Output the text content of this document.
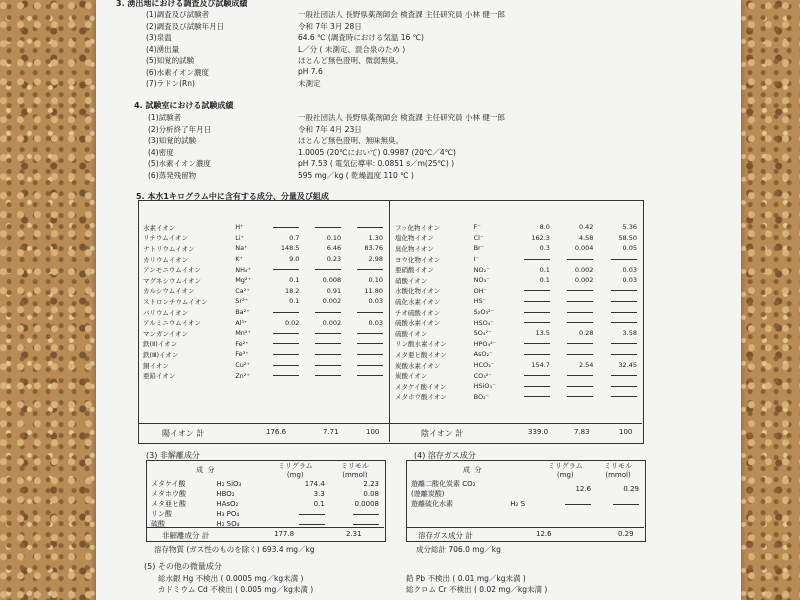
3. 湧出地における調査及び試験成績
(1)調査及び試験者	一般社団法人 長野県薬剤師会 検査課 主任研究員 小林 健一郎
(2)調査及び試験年月日	令和 7年 3月 28日
(3)泉温	64.6 ℃ (調査時における気温 16 ℃)
(4)湧出量	L／分 ( 未測定、混合泉のため )
(5)知覚的試験	ほとんど無色澄明、微弱無臭。
(6)水素イオン濃度	pH 7.6
(7)ラドン(Rn)	未測定
4. 試験室における試験成績
(1)試験者	一般社団法人 長野県薬剤師会 検査課 主任研究員 小林 健一郎
(2)分析終了年月日	令和 7年 4月 23日
(3)知覚的試験	ほとんど無色澄明、無味無臭。
(4)密度	1.0005 (20℃において) 0.9987 (20℃／4℃)
(5)水素イオン濃度	pH 7.53 ( 電気伝導率: 0.0851 s／m(25℃) )
(6)蒸発残留物	595 mg／kg ( 乾燥温度 110 ℃ )
5. 本水1キログラム中に含有する成分、分量及び組成

水素イオン	H⁺			
リチウムイオン	Li⁺	0.7	0.10	1.30
ナトリウムイオン	Na⁺	148.5	6.46	83.76
カリウムイオン	K⁺	9.0	0.23	2.98
アンモニウムイオン	NH₄⁺			
マグネシウムイオン	Mg²⁺	0.1	0.008	0.10
カルシウムイオン	Ca²⁺	18.2	0.91	11.80
ストロンチウムイオン	Sr²⁺	0.1	0.002	0.03
バリウムイオン	Ba²⁺			
アルミニウムイオン	Al³⁺	0.02	0.002	0.03
マンガンイオン	Mn²⁺			
鉄(Ⅱ)イオン	Fe²⁺			
鉄(Ⅲ)イオン	Fe³⁺			
銅イオン	Cu²⁺			
亜鉛イオン	Zn²⁺			

フッ化物イオン	F⁻	8.0	0.42	5.36
塩化物イオン	Cl⁻	162.3	4.58	58.50
臭化物イオン	Br⁻	0.3	0.004	0.05
ヨウ化物イオン	I⁻			
亜硝酸イオン	NO₂⁻	0.1	0.002	0.03
硝酸イオン	NO₃⁻	0.1	0.002	0.03
水酸化物イオン	OH⁻			
硫化水素イオン	HS⁻			
チオ硫酸イオン	S₂O₃²⁻			
硫酸水素イオン	HSO₄⁻			
硫酸イオン	SO₄²⁻	13.5	0.28	3.58
リン酸水素イオン	HPO₄²⁻			
メタ亜ヒ酸イオン	AsO₂⁻			
炭酸水素イオン	HCO₃⁻	154.7	2.54	32.45
炭酸イオン	CO₃²⁻			
メタケイ酸イオン	HSiO₃⁻			
メタホウ酸イオン	BO₂⁻			
陽イオン 計	176.6	7.71	100	陰イオン 計	339.0	7.83	100
(3) 非解離成分
成  分		ミリグラム
(mg)	ミリモル
(mmol)
メタケイ酸	H₂ SiO₃	174.4	2.23
メタホウ酸	HBO₂	3.3	0.08
メタ亜ヒ酸	HAsO₂	0.1	0.0008
リン酸	H₃ PO₄		
硫酸	H₂ SO₄		
非解離成分 計	177.8	2.31
溶存物質 (ガス性のものを除く) 693.4 mg／kg
(4) 溶存ガス成分
成  分		ミリグラム
(mg)	ミリモル
(mmol)
遊離二酸化炭素 CO₂
(遊離炭酸)		12.6	0.29
遊離硫化水素	H₂ S		
溶存ガス成分 計	12.6	0.29
成分総計 706.0 mg／kg
(5) その他の微量成分
総水銀 Hg 不検出 ( 0.0005 mg／kg未満 )
カドミウム Cd 不検出 ( 0.005 mg／kg未満 )
鉛 Pb 不検出 ( 0.01 mg／kg未満 )
総クロム Cr 不検出 ( 0.02 mg／kg未満 )
